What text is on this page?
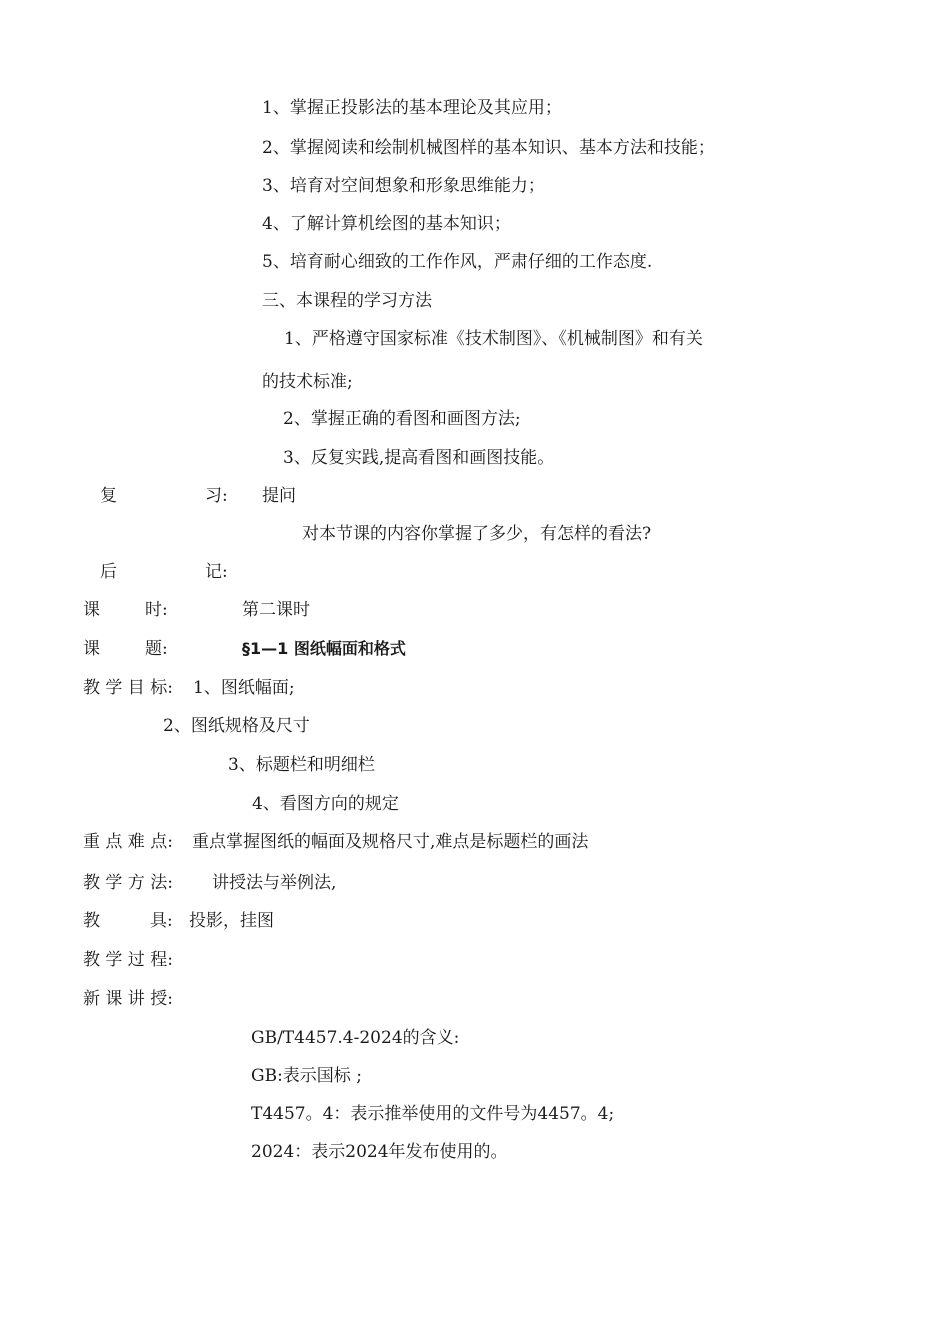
1、掌握正投影法的基本理论及其应用；
2、掌握阅读和绘制机械图样的基本知识、基本方法和技能；
3、培育对空间想象和形象思维能力；
4、了解计算机绘图的基本知识；
5、培育耐心细致的工作作风，严肃仔细的工作态度.
三、本课程的学习方法
1、严格遵守国家标准《技术制图》、《机械制图》和有关
的技术标准;
2、掌握正确的看图和画图方法;
3、反复实践,提高看图和画图技能。
复	习: 提问
对本节课的内容你掌握了多少，有怎样的看法?
后	记:
课	时:	第二课时
课	题:	§1—1 图纸幅面和格式
教 学 目 标: 1、图纸幅面;
2、图纸规格及尺寸
3、标题栏和明细栏
4、看图方向的规定
重 点 难 点: 重点掌握图纸的幅面及规格尺寸,难点是标题栏的画法
教 学 方 法: 讲授法与举例法,
教	具: 投影，挂图
教 学 过 程:
新 课 讲 授:
GB/T4457.4-2024的含义:
GB:表示国标 ;
T4457。4：表示推举使用的文件号为4457。4;
2024：表示2024年发布使用的。
